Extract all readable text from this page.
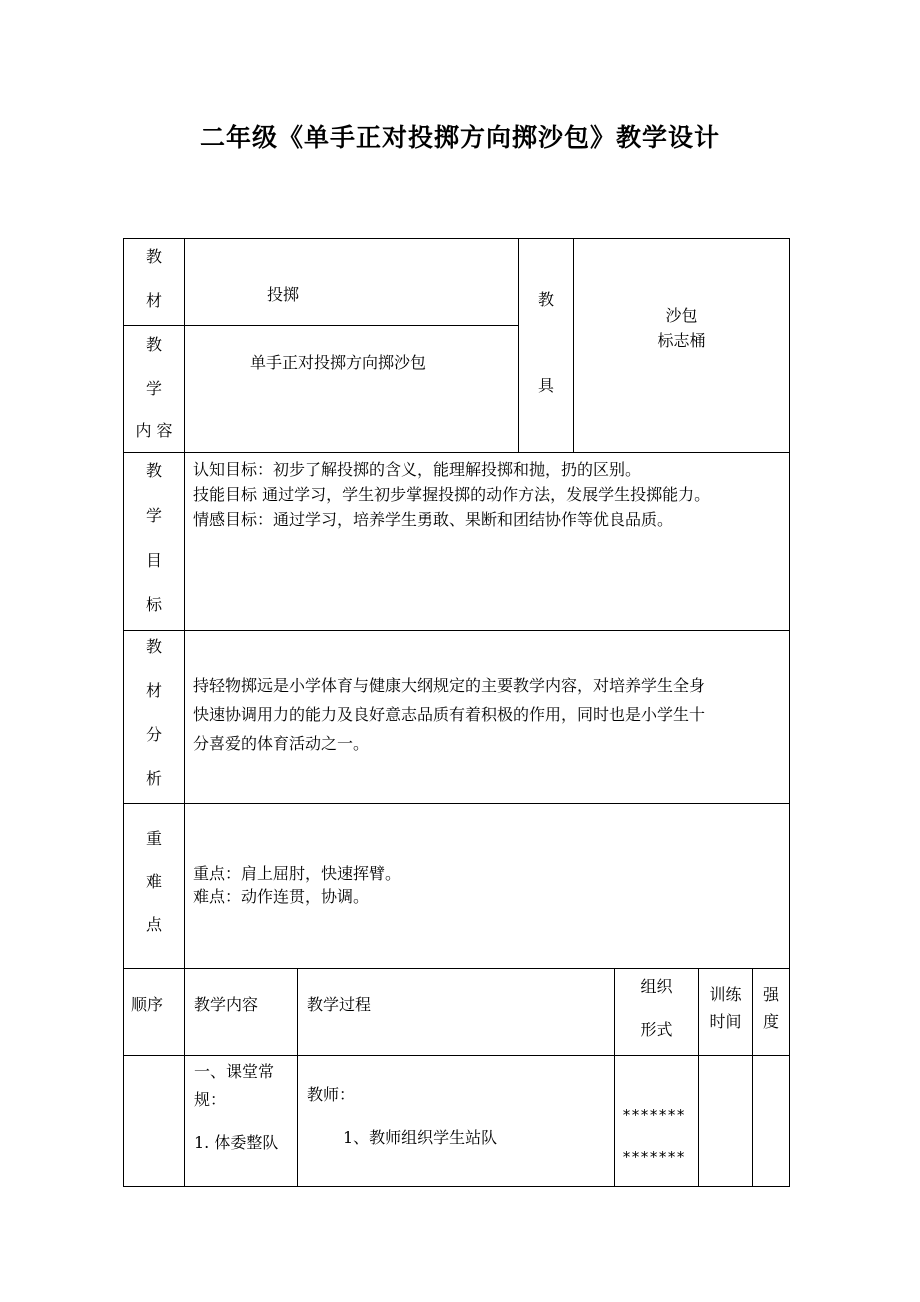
二年级《单手正对投掷方向掷沙包》教学设计
教
材	投掷
教
学
内 容
单手正对投掷方向掷沙包
教
具
沙包
标志桶
教
学
目
标
认知目标：初步了解投掷的含义，能理解投掷和抛，扔的区别。
技能目标 通过学习，学生初步掌握投掷的动作方法，发展学生投掷能力。
情感目标：通过学习，培养学生勇敢、果断和团结协作等优良品质。
教
材
分
析
持轻物掷远是小学体育与健康大纲规定的主要教学内容，对培养学生全身
快速协调用力的能力及良好意志品质有着积极的作用，同时也是小学生十
分喜爱的体育活动之一。
重
难
点
重点：肩上屈肘，快速挥臂。
难点：动作连贯，协调。
顺序 教学内容	教学过程
组织
形式
训练
时间
强
度
一、课堂常
规：
1. 体委整队
教师：
1、教师组织学生站队
*******
*******
